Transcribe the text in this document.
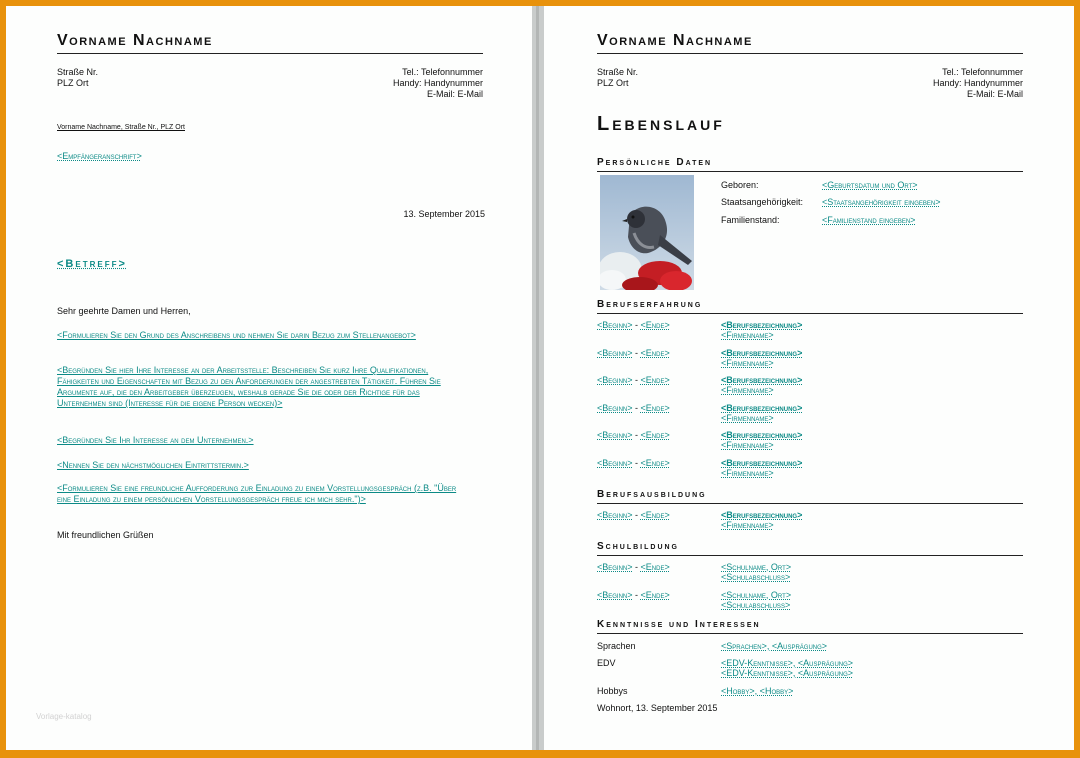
Vorname Nachname
Straße Nr.
PLZ Ort
Tel.: Telefonnummer
Handy: Handynummer
E-Mail: E-Mail
Vorname Nachname, Straße Nr., PLZ Ort
<Empfängeranschrift>
13. September 2015
<Betreff>
Sehr geehrte Damen und Herren,
<Formulieren Sie den Grund des Anschreibens und nehmen Sie darin Bezug zum Stellenangebot>
<Begründen Sie hier Ihre Interesse an der Arbeitsstelle: Beschreiben Sie kurz Ihre Qualifikationen, Fähigkeiten und Eigenschaften mit Bezug zu den Anforderungen der angestrebten Tätigkeit. Führen Sie Argumente auf, die den Arbeitgeber überzeugen, weshalb gerade Sie die oder der Richtige für das Unternehmen sind (Interesse für die eigene Person wecken)>
<Begründen Sie Ihr Interesse an dem Unternehmen.>
<Nennen Sie den nächstmöglichen Eintrittstermin.>
<Formulieren Sie eine freundliche Aufforderung zur Einladung zu einem Vorstellungsgespräch (z.B. "Über eine Einladung zu einem persönlichen Vorstellungsgespräch freue ich mich sehr.")>
Mit freundlichen Grüßen
Vorlage-katalog
Vorname Nachname
Straße Nr.
PLZ Ort
Tel.: Telefonnummer
Handy: Handynummer
E-Mail: E-Mail
Lebenslauf
Persönliche Daten
Geboren:	<Geburtsdatum und Ort>
Staatsangehörigkeit: <Staatsangehörigkeit eingeben>
Familienstand:	<Familienstand eingeben>
Berufserfahrung
<Beginn> - <Ende>	<Berufsbezeichnung>
<Firmenname>
<Beginn> - <Ende>	<Berufsbezeichnung>
<Firmenname>
<Beginn> - <Ende>	<Berufsbezeichnung>
<Firmenname>
<Beginn> - <Ende>	<Berufsbezeichnung>
<Firmenname>
<Beginn> - <Ende>	<Berufsbezeichnung>
<Firmenname>
<Beginn> - <Ende>	<Berufsbezeichnung>
<Firmenname>
Berufsausbildung
<Beginn> - <Ende>	<Berufsbezeichnung>
<Firmenname>
Schulbildung
<Beginn> - <Ende>	<Schulname, Ort>
<Schulabschluss>
<Beginn> - <Ende>	<Schulname, Ort>
<Schulabschluss>
Kenntnisse und Interessen
Sprachen	<Sprachen>, <Ausprägung>
EDV	<EDV-Kenntnisse>, <Ausprägung>
<EDV-Kenntnisse>, <Ausprägung>
Hobbys	<Hobby>, <Hobby>
Wohnort, 13. September 2015
